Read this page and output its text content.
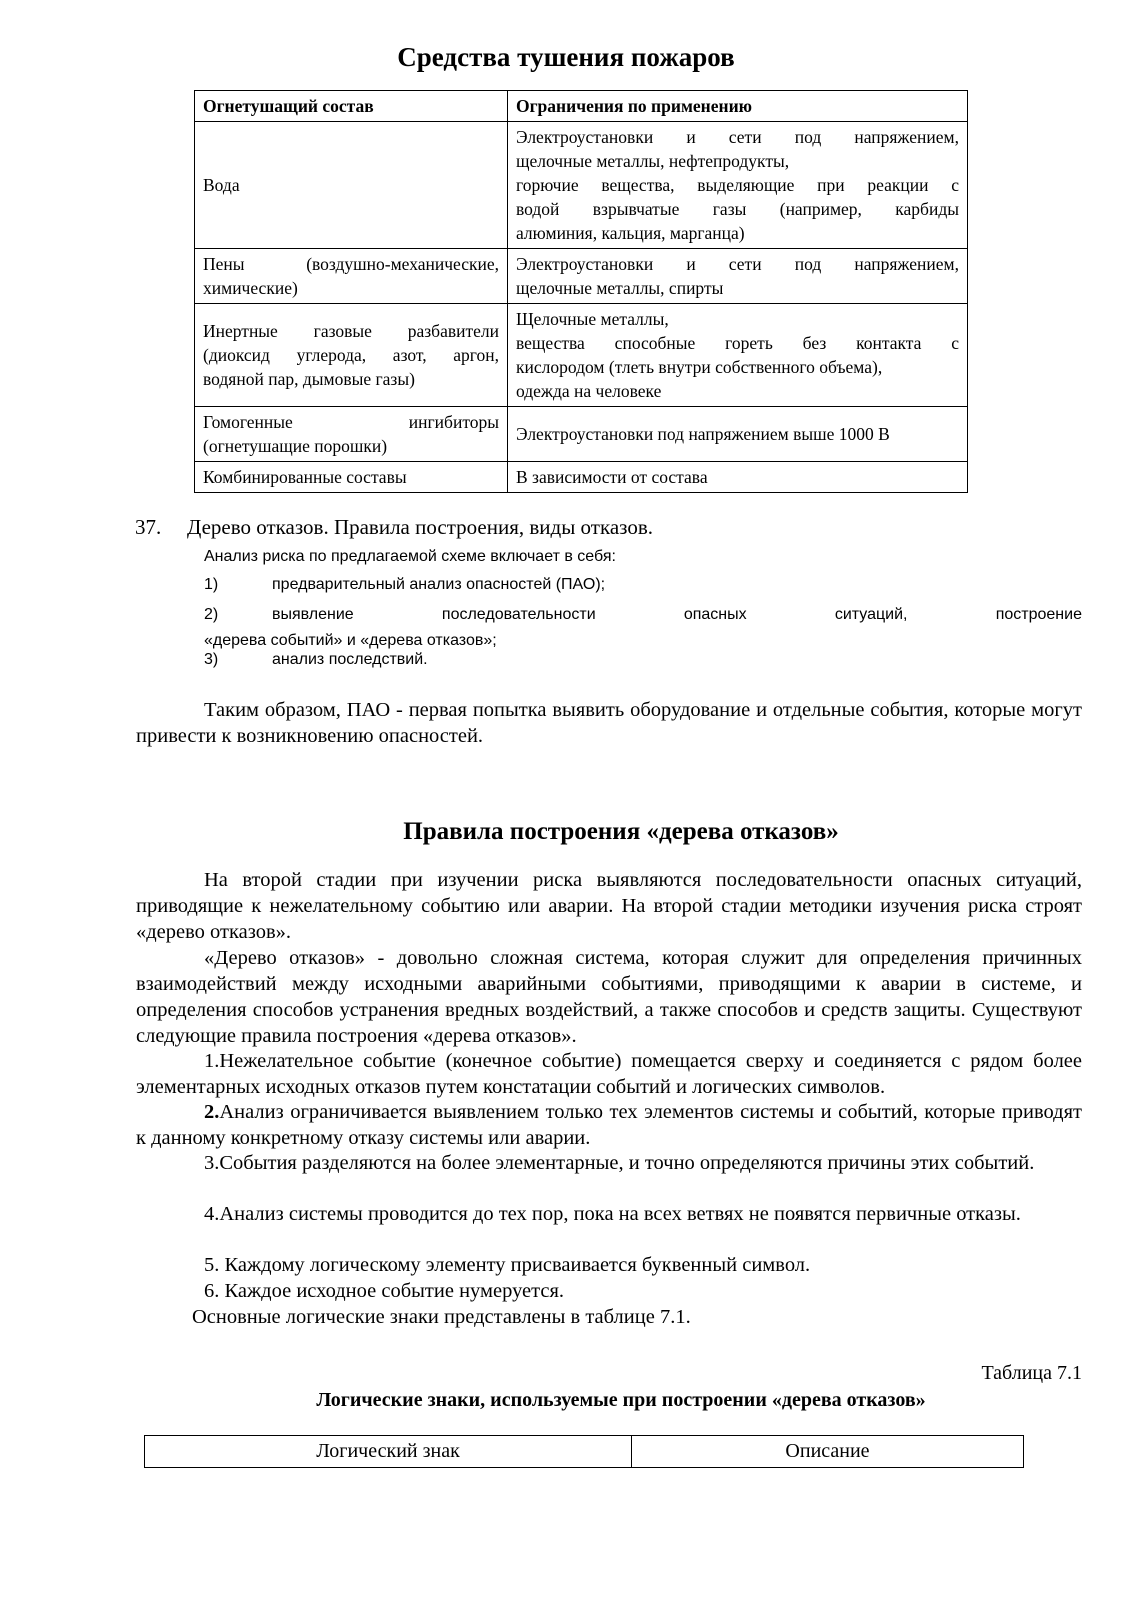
Средства тушения пожаров
Огнетушащий состав	Ограничения по применению

Вода	Электроустановки и сети под напряжением,
щелочные металлы, нефтепродукты,
горючие вещества, выделяющие при реакции с
водой взрывчатые газы (например, карбиды
алюминия, кальция, марганца)

Пены (воздушно-механические,
химические)	Электроустановки и сети под напряжением,
щелочные металлы, спирты

Инертные газовые разбавители
(диоксид углерода, азот, аргон,
водяной пар, дымовые газы)	Щелочные металлы,
вещества способные гореть без контакта с
кислородом (тлеть внутри собственного объема),
одежда на человеке

Гомогенные ингибиторы
(огнетушащие порошки)	Электроустановки под напряжением выше 1000 В

Комбинированные составы	В зависимости от состава
37. Дерево отказов. Правила построения, виды отказов.
Анализ риска по предлагаемой схеме включает в себя:
1)	предварительный анализ опасностей (ПАО);
2)	выявление	последовательности	опасных	ситуаций,	построение
«дерева событий» и «дерева отказов»;
3)	анализ последствий.
Таким образом, ПАО - первая попытка выявить оборудование и отдельные события, которые могут привести к возникновению опасностей.
Правила построения «дерева отказов»
На второй стадии при изучении риска выявляются последовательности опасных ситуаций, приводящие к нежелательному событию или аварии. На второй стадии методики изучения риска строят «дерево отказов».
«Дерево отказов» - довольно сложная система, которая служит для определения причинных взаимодействий между исходными аварийными событиями, приводящими к аварии в системе, и определения способов устранения вредных воздействий, а также способов и средств защиты. Существуют следующие правила построения «дерева отказов».
1.Нежелательное событие (конечное событие) помещается сверху и соединяется с рядом более элементарных исходных отказов путем констатации событий и логических символов.
2.Анализ ограничивается выявлением только тех элементов системы и событий, которые приводят к данному конкретному отказу системы или аварии.
3.События разделяются на более элементарные, и точно определяются причины этих событий.
4.Анализ системы проводится до тех пор, пока на всех ветвях не появятся первичные отказы.
5. Каждому логическому элементу присваивается буквенный символ.
6. Каждое исходное событие нумеруется.
Основные логические знаки представлены в таблице 7.1.
Таблица 7.1
Логические знаки, используемые при построении «дерева отказов»
Логический знак	Описание
